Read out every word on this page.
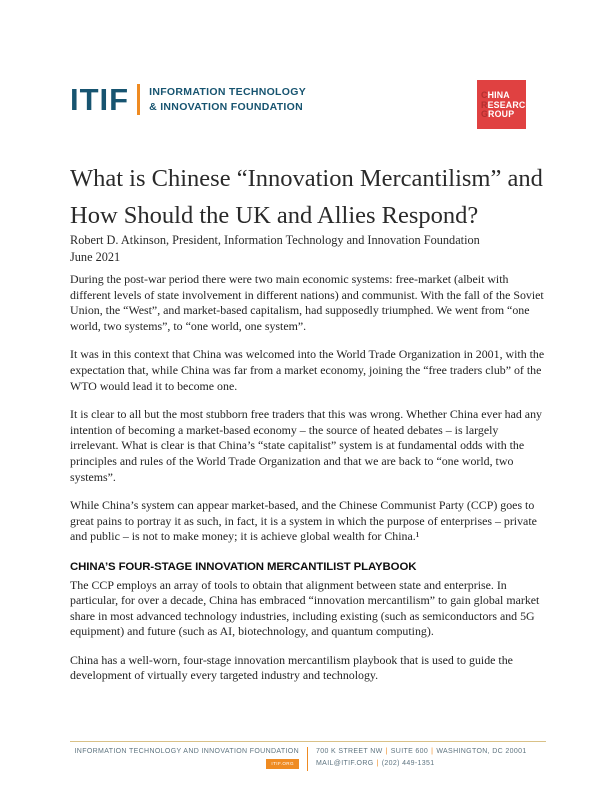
ITIF INFORMATION TECHNOLOGY
& INNOVATION FOUNDATION
CHINA
RESEARCH
GROUP
What is Chinese “Innovation Mercantilism” and
How Should the UK and Allies Respond?
Robert D. Atkinson, President, Information Technology and Innovation Foundation
June 2021

During the post-war period there were two main economic systems: free-market (albeit with different levels of state involvement in different nations) and communist. With the fall of the Soviet Union, the “West”, and market-based capitalism, had supposedly triumphed. We went from “one world, two systems”, to “one world, one system”.

It was in this context that China was welcomed into the World Trade Organization in 2001, with the expectation that, while China was far from a market economy, joining the “free traders club” of the WTO would lead it to become one.

It is clear to all but the most stubborn free traders that this was wrong. Whether China ever had any intention of becoming a market-based economy – the source of heated debates – is largely irrelevant. What is clear is that China’s “state capitalist” system is at fundamental odds with the principles and rules of the World Trade Organization and that we are back to “one world, two systems”.

While China’s system can appear market-based, and the Chinese Communist Party (CCP) goes to great pains to portray it as such, in fact, it is a system in which the purpose of enterprises – private and public – is not to make money; it is achieve global wealth for China.¹

CHINA’S FOUR-STAGE INNOVATION MERCANTILIST PLAYBOOK

The CCP employs an array of tools to obtain that alignment between state and enterprise. In particular, for over a decade, China has embraced “innovation mercantilism” to gain global market share in most advanced technology industries, including existing (such as semiconductors and 5G equipment) and future (such as AI, biotechnology, and quantum computing).

China has a well-worn, four-stage innovation mercantilism playbook that is used to guide the development of virtually every targeted industry and technology.

INFORMATION TECHNOLOGY AND INNOVATION FOUNDATION
ITIF.ORG
700 K STREET NW | SUITE 600 | WASHINGTON, DC 20001
MAIL@ITIF.ORG | (202) 449-1351
